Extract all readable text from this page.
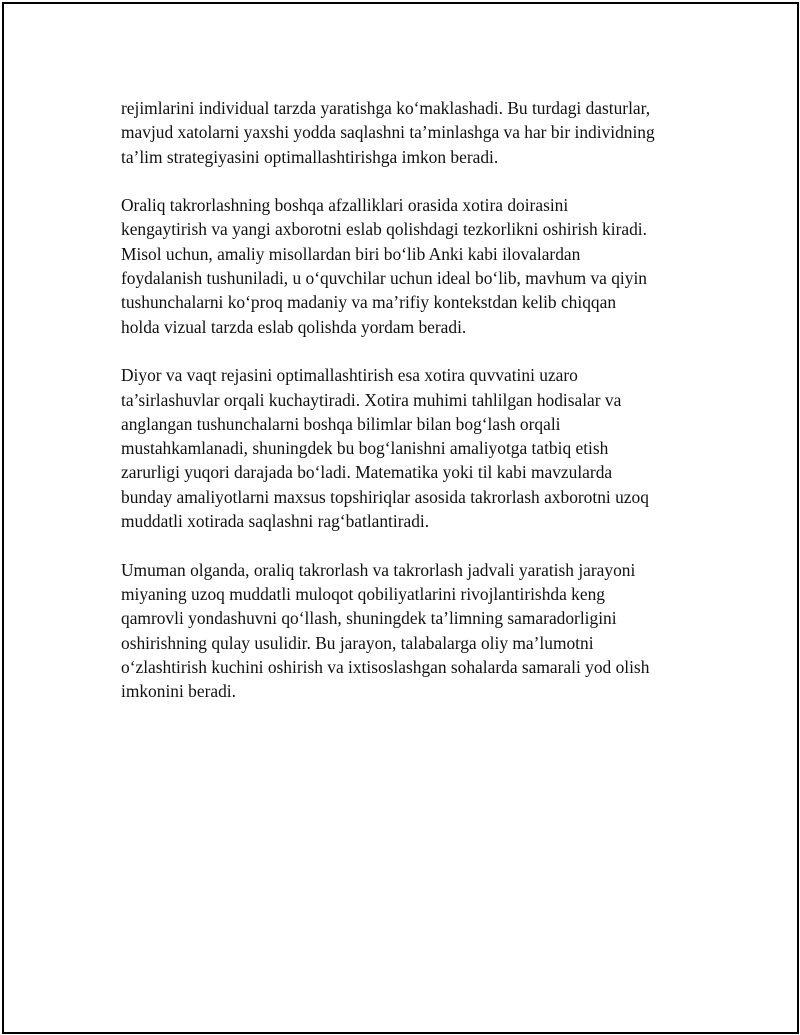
rejimlarini individual tarzda yaratishga ko‘maklashadi. Bu turdagi dasturlar,
mavjud xatolarni yaxshi yodda saqlashni ta’minlashga va har bir individning
ta’lim strategiyasini optimallashtirishga imkon beradi.

Oraliq takrorlashning boshqa afzalliklari orasida xotira doirasini
kengaytirish va yangi axborotni eslab qolishdagi tezkorlikni oshirish kiradi.
Misol uchun, amaliy misollardan biri bo‘lib Anki kabi ilovalardan
foydalanish tushuniladi, u o‘quvchilar uchun ideal bo‘lib, mavhum va qiyin
tushunchalarni ko‘proq madaniy va ma’rifiy kontekstdan kelib chiqqan
holda vizual tarzda eslab qolishda yordam beradi.

Diyor va vaqt rejasini optimallashtirish esa xotira quvvatini uzaro
ta’sirlashuvlar orqali kuchaytiradi. Xotira muhimi tahlilgan hodisalar va
anglangan tushunchalarni boshqa bilimlar bilan bog‘lash orqali
mustahkamlanadi, shuningdek bu bog‘lanishni amaliyotga tatbiq etish
zarurligi yuqori darajada bo‘ladi. Matematika yoki til kabi mavzularda
bunday amaliyotlarni maxsus topshiriqlar asosida takrorlash axborotni uzoq
muddatli xotirada saqlashni rag‘batlantiradi.

Umuman olganda, oraliq takrorlash va takrorlash jadvali yaratish jarayoni
miyaning uzoq muddatli muloqot qobiliyatlarini rivojlantirishda keng
qamrovli yondashuvni qo‘llash, shuningdek ta’limning samaradorligini
oshirishning qulay usulidir. Bu jarayon, talabalarga oliy ma’lumotni
o‘zlashtirish kuchini oshirish va ixtisoslashgan sohalarda samarali yod olish
imkonini beradi.
